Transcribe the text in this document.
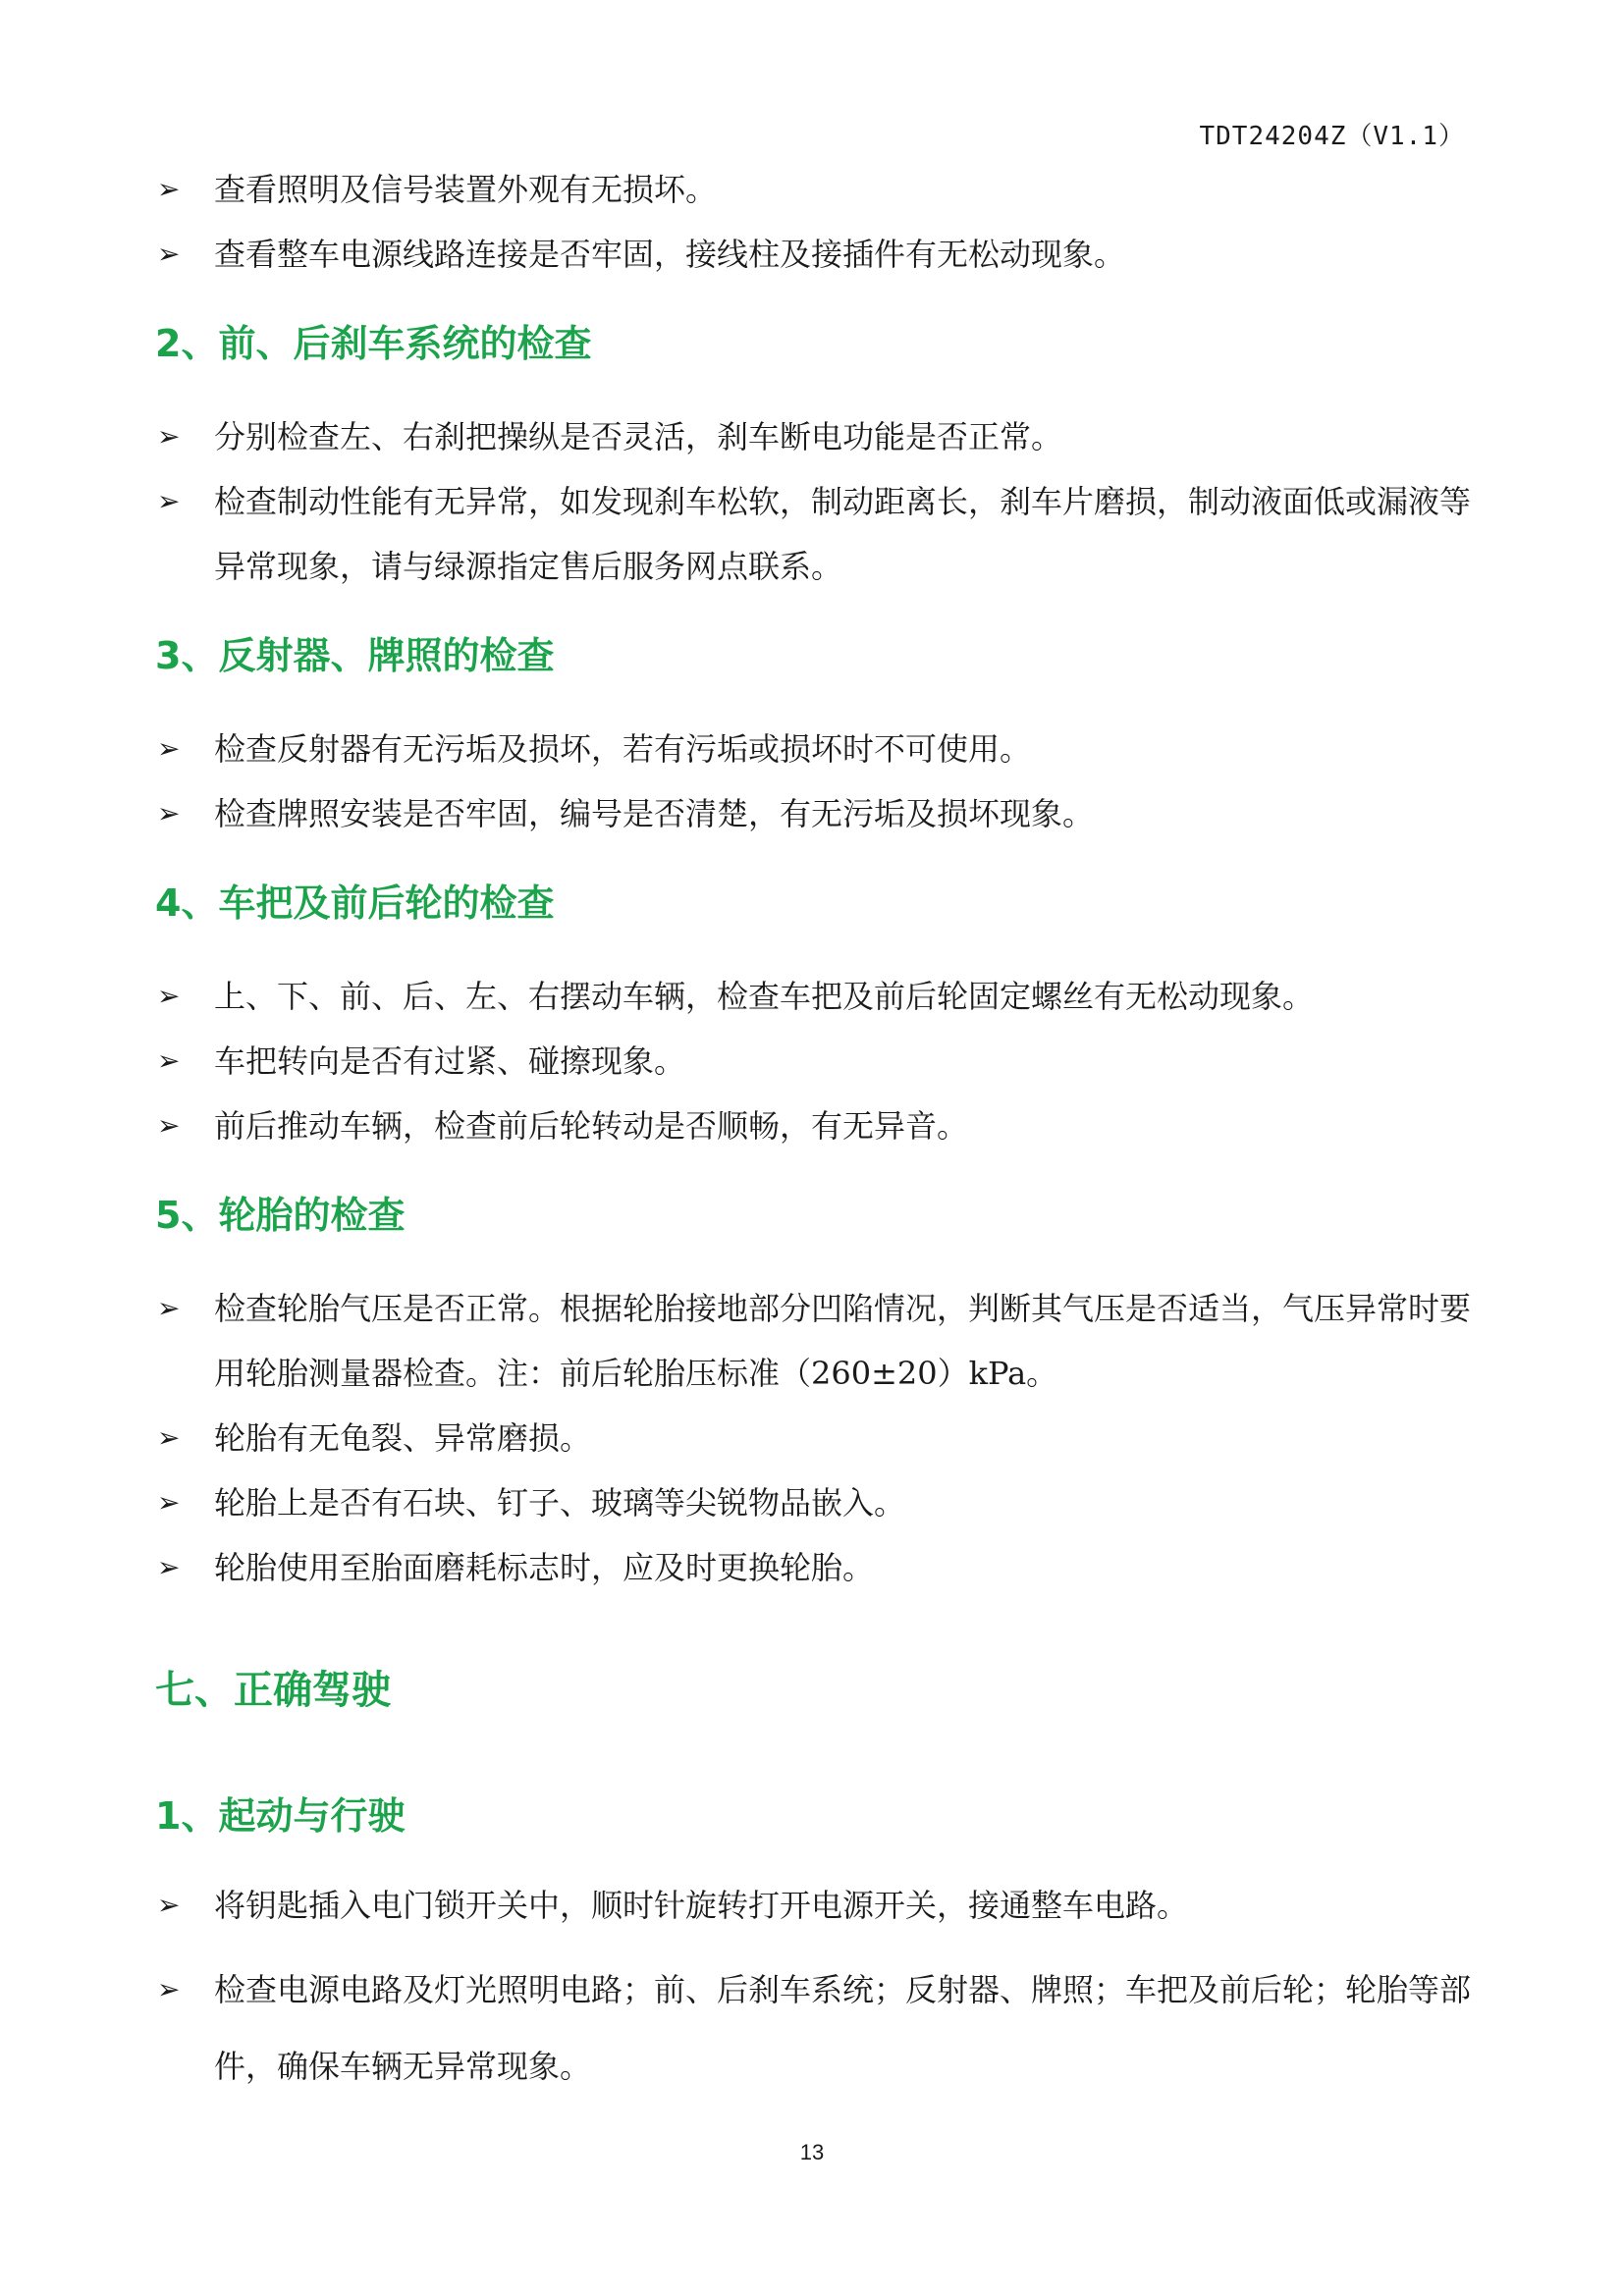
TDT24204Z（V1.1）

➢ 查看照明及信号装置外观有无损坏。

➢ 查看整车电源线路连接是否牢固，接线柱及接插件有无松动现象。

2、前、后刹车系统的检查

➢ 分别检查左、右刹把操纵是否灵活，刹车断电功能是否正常。

➢ 检查制动性能有无异常，如发现刹车松软，制动距离长，刹车片磨损，制动液面低或漏液等异常现象，请与绿源指定售后服务网点联系。

3、反射器、牌照的检查

➢ 检查反射器有无污垢及损坏，若有污垢或损坏时不可使用。

➢ 检查牌照安装是否牢固，编号是否清楚，有无污垢及损坏现象。

4、车把及前后轮的检查

➢ 上、下、前、后、左、右摆动车辆，检查车把及前后轮固定螺丝有无松动现象。

➢ 车把转向是否有过紧、碰擦现象。

➢ 前后推动车辆，检查前后轮转动是否顺畅，有无异音。

5、轮胎的检查

➢ 检查轮胎气压是否正常。根据轮胎接地部分凹陷情况，判断其气压是否适当，气压异常时要用轮胎测量器检查。注：前后轮胎压标准（260±20）kPa。

➢ 轮胎有无龟裂、异常磨损。

➢ 轮胎上是否有石块、钉子、玻璃等尖锐物品嵌入。

➢ 轮胎使用至胎面磨耗标志时，应及时更换轮胎。

七、正确驾驶
1、起动与行驶

➢ 将钥匙插入电门锁开关中，顺时针旋转打开电源开关，接通整车电路。

➢ 检查电源电路及灯光照明电路；前、后刹车系统；反射器、牌照；车把及前后轮；轮胎等部件，确保车辆无异常现象。

13
